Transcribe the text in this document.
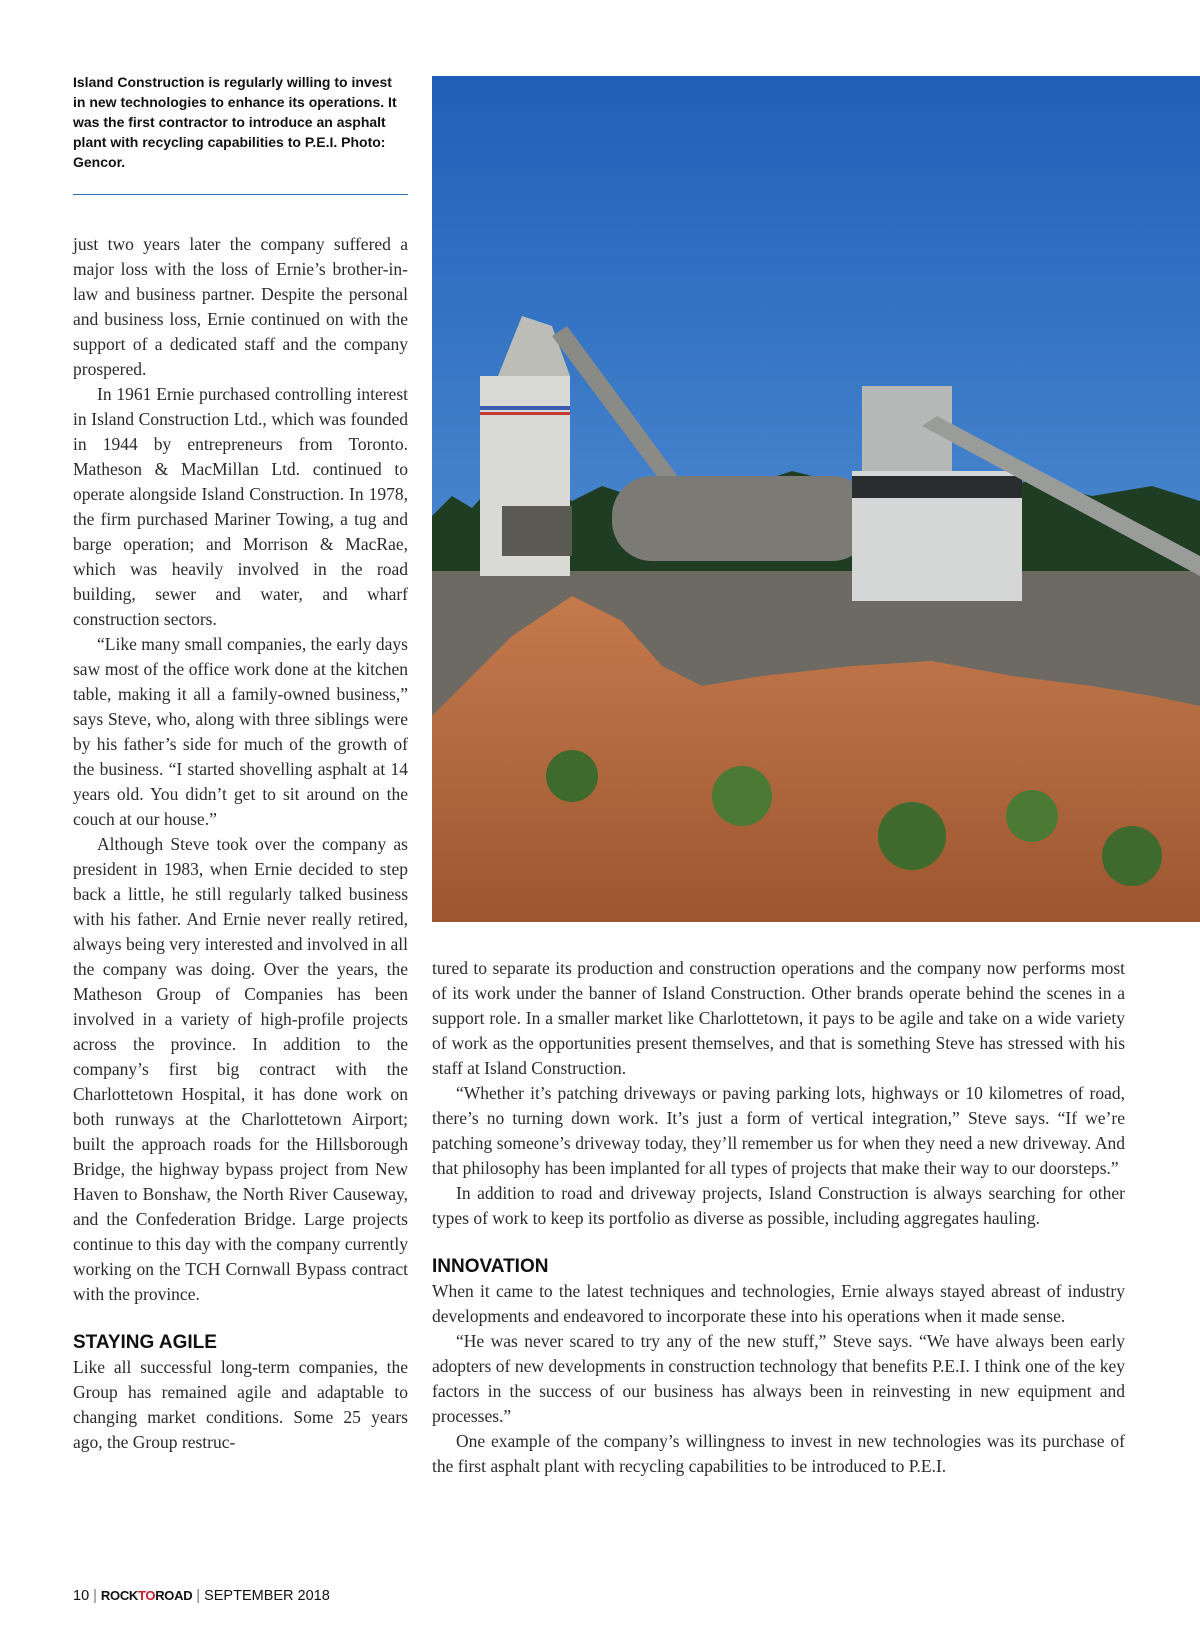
Island Construction is regularly willing to invest in new technologies to enhance its operations. It was the first contractor to introduce an asphalt plant with recycling capabilities to P.E.I. Photo: Gencor.

just two years later the company suffered a major loss with the loss of Ernie’s brother-in-law and business partner. Despite the personal and business loss, Ernie continued on with the support of a dedicated staff and the company prospered.

In 1961 Ernie purchased controlling interest in Island Construction Ltd., which was founded in 1944 by entrepreneurs from Toronto. Matheson & MacMillan Ltd. continued to operate alongside Island Construction. In 1978, the firm purchased Mariner Towing, a tug and barge operation; and Morrison & MacRae, which was heavily involved in the road building, sewer and water, and wharf construction sectors.

“Like many small companies, the early days saw most of the office work done at the kitchen table, making it all a family-owned business,” says Steve, who, along with three siblings were by his father’s side for much of the growth of the business. “I started shovelling asphalt at 14 years old. You didn’t get to sit around on the couch at our house.”

Although Steve took over the company as president in 1983, when Ernie decided to step back a little, he still regularly talked business with his father. And Ernie never really retired, always being very interested and involved in all the company was doing. Over the years, the Matheson Group of Companies has been involved in a variety of high-profile projects across the province. In addition to the company’s first big contract with the Charlottetown Hospital, it has done work on both runways at the Charlottetown Airport; built the approach roads for the Hillsborough Bridge, the highway bypass project from New Haven to Bonshaw, the North River Causeway, and the Confederation Bridge. Large projects continue to this day with the company currently working on the TCH Cornwall Bypass contract with the province.

STAYING AGILE

Like all successful long-term companies, the Group has remained agile and adaptable to changing market conditions. Some 25 years ago, the Group restruc-

tured to separate its production and construction operations and the company now performs most of its work under the banner of Island Construction. Other brands operate behind the scenes in a support role. In a smaller market like Charlottetown, it pays to be agile and take on a wide variety of work as the opportunities present themselves, and that is something Steve has stressed with his staff at Island Construction.

“Whether it’s patching driveways or paving parking lots, highways or 10 kilometres of road, there’s no turning down work. It’s just a form of vertical integration,” Steve says. “If we’re patching someone’s driveway today, they’ll remember us for when they need a new driveway. And that philosophy has been implanted for all types of projects that make their way to our doorsteps.”

In addition to road and driveway projects, Island Construction is always searching for other types of work to keep its portfolio as diverse as possible, including aggregates hauling.

INNOVATION

When it came to the latest techniques and technologies, Ernie always stayed abreast of industry developments and endeavored to incorporate these into his operations when it made sense.

“He was never scared to try any of the new stuff,” Steve says. “We have always been early adopters of new developments in construction technology that benefits P.E.I. I think one of the key factors in the success of our business has always been in reinvesting in new equipment and processes.”

One example of the company’s willingness to invest in new technologies was its purchase of the first asphalt plant with recycling capabilities to be introduced to P.E.I.

10 | ROCKTOROAD | SEPTEMBER 2018
